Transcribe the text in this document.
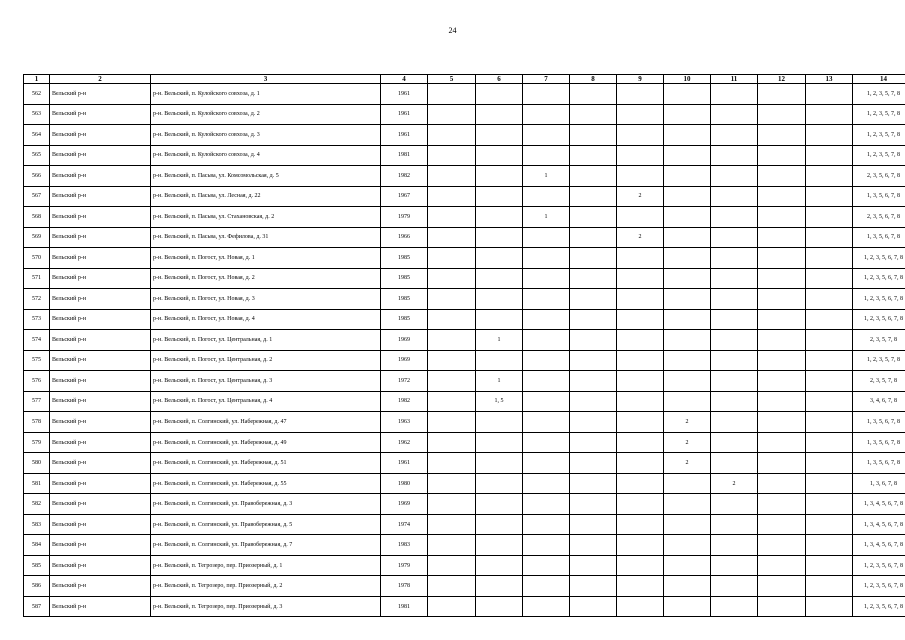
24
1	2	3	4	5	6	7	8	9	10	11	12	13	14
562	Вельский р-н	р-н. Вельский, п. Кулойского совхоза, д. 1	1961										1, 2, 3, 5, 7, 8
563	Вельский р-н	р-н. Вельский, п. Кулойского совхоза, д. 2	1961										1, 2, 3, 5, 7, 8
564	Вельский р-н	р-н. Вельский, п. Кулойского совхоза, д. 3	1961										1, 2, 3, 5, 7, 8
565	Вельский р-н	р-н. Вельский, п. Кулойского совхоза, д. 4	1981										1, 2, 3, 5, 7, 8
566	Вельский р-н	р-н. Вельский, п. Пасьва, ул. Комсомольская, д. 5	1982			1							2, 3, 5, 6, 7, 8
567	Вельский р-н	р-н. Вельский, п. Пасьва, ул. Лесная, д. 22	1967					2					1, 3, 5, 6, 7, 8
568	Вельский р-н	р-н. Вельский, п. Пасьва, ул. Стахановская, д. 2	1979			1							2, 3, 5, 6, 7, 8
569	Вельский р-н	р-н. Вельский, п. Пасьва, ул. Фефилова, д. 31	1966					2					1, 3, 5, 6, 7, 8
570	Вельский р-н	р-н. Вельский, п. Погост, ул. Новая, д. 1	1985										1, 2, 3, 5, 6, 7, 8
571	Вельский р-н	р-н. Вельский, п. Погост, ул. Новая, д. 2	1985										1, 2, 3, 5, 6, 7, 8
572	Вельский р-н	р-н. Вельский, п. Погост, ул. Новая, д. 3	1985										1, 2, 3, 5, 6, 7, 8
573	Вельский р-н	р-н. Вельский, п. Погост, ул. Новая, д. 4	1985										1, 2, 3, 5, 6, 7, 8
574	Вельский р-н	р-н. Вельский, п. Погост, ул. Центральная, д. 1	1969		1								2, 3, 5, 7, 8
575	Вельский р-н	р-н. Вельский, п. Погост, ул. Центральная, д. 2	1969										1, 2, 3, 5, 7, 8
576	Вельский р-н	р-н. Вельский, п. Погост, ул. Центральная, д. 3	1972		1								2, 3, 5, 7, 8
577	Вельский р-н	р-н. Вельский, п. Погост, ул. Центральная, д. 4	1982		1, 5								3, 4, 6, 7, 8
578	Вельский р-н	р-н. Вельский, п. Солгинский, ул. Набережная, д. 47	1963						2				1, 3, 5, 6, 7, 8
579	Вельский р-н	р-н. Вельский, п. Солгинский, ул. Набережная, д. 49	1962						2				1, 3, 5, 6, 7, 8
580	Вельский р-н	р-н. Вельский, п. Солгинский, ул. Набережная, д. 51	1961						2				1, 3, 5, 6, 7, 8
581	Вельский р-н	р-н. Вельский, п. Солгинский, ул. Набережная, д. 55	1980							2			1, 3, 6, 7, 8
582	Вельский р-н	р-н. Вельский, п. Солгинский, ул. Правобережная, д. 3	1969										1, 3, 4, 5, 6, 7, 8
583	Вельский р-н	р-н. Вельский, п. Солгинский, ул. Правобережная, д. 5	1974										1, 3, 4, 5, 6, 7, 8
584	Вельский р-н	р-н. Вельский, п. Солгинский, ул. Правобережная, д. 7	1983										1, 3, 4, 5, 6, 7, 8
585	Вельский р-н	р-н. Вельский, п. Тегрозеро, пер. Приозерный, д. 1	1979										1, 2, 3, 5, 6, 7, 8
586	Вельский р-н	р-н. Вельский, п. Тегрозеро, пер. Приозерный, д. 2	1978										1, 2, 3, 5, 6, 7, 8
587	Вельский р-н	р-н. Вельский, п. Тегрозеро, пер. Приозерный, д. 3	1981										1, 2, 3, 5, 6, 7, 8
